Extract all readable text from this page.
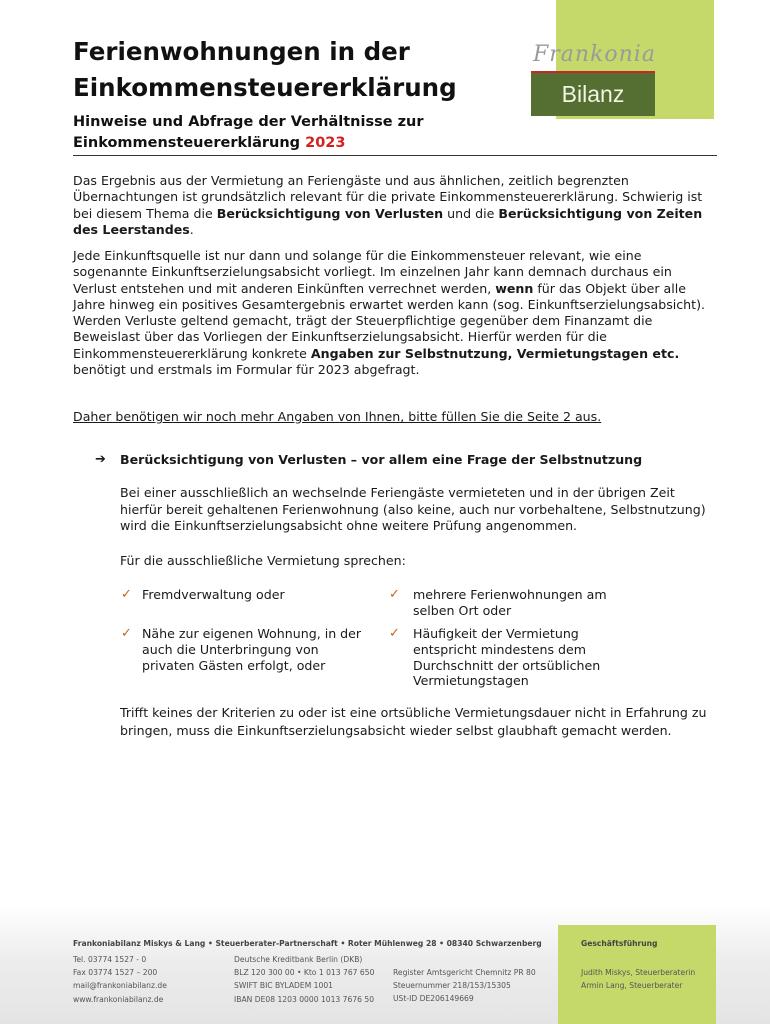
Frankonia
Bilanz
Ferienwohnungen in der
Einkommensteuererklärung
Hinweise und Abfrage der Verhältnisse zur
Einkommensteuererklärung 2023
Das Ergebnis aus der Vermietung an Feriengäste und aus ähnlichen, zeitlich begrenzten Übernachtungen ist grundsätzlich relevant für die private Einkommensteuererklärung. Schwierig ist bei diesem Thema die Berücksichtigung von Verlusten und die Berücksichtigung von Zeiten des Leerstandes.
Jede Einkunftsquelle ist nur dann und solange für die Einkommensteuer relevant, wie eine sogenannte Einkunftserzielungsabsicht vorliegt. Im einzelnen Jahr kann demnach durchaus ein Verlust entstehen und mit anderen Einkünften verrechnet werden, wenn für das Objekt über alle Jahre hinweg ein positives Gesamtergebnis erwartet werden kann (sog. Einkunftserzielungsabsicht). Werden Verluste geltend gemacht, trägt der Steuerpflichtige gegenüber dem Finanzamt die Beweislast über das Vorliegen der Einkunftserzielungsabsicht. Hierfür werden für die Einkommensteuererklärung konkrete Angaben zur Selbstnutzung, Vermietungstagen etc. benötigt und erstmals im Formular für 2023 abgefragt.
Daher benötigen wir noch mehr Angaben von Ihnen, bitte füllen Sie die Seite 2 aus.
➔ Berücksichtigung von Verlusten – vor allem eine Frage der Selbstnutzung
Bei einer ausschließlich an wechselnde Feriengäste vermieteten und in der übrigen Zeit hierfür bereit gehaltenen Ferienwohnung (also keine, auch nur vorbehaltene, Selbstnutzung) wird die Einkunftserzielungsabsicht ohne weitere Prüfung angenommen.
Für die ausschließliche Vermietung sprechen:
✓ Fremdverwaltung oder
✓ Nähe zur eigenen Wohnung, in der auch die Unterbringung von privaten Gästen erfolgt, oder
✓ mehrere Ferienwohnungen am selben Ort oder
✓ Häufigkeit der Vermietung entspricht mindestens dem Durchschnitt der ortsüblichen Vermietungstagen
Trifft keines der Kriterien zu oder ist eine ortsübliche Vermietungsdauer nicht in Erfahrung zu bringen, muss die Einkunftserzielungsabsicht wieder selbst glaubhaft gemacht werden.
Frankoniabilanz Miskys & Lang • Steuerberater-Partnerschaft • Roter Mühlenweg 28 • 08340 Schwarzenberg	Geschäftsführung
Tel. 03774 1527 - 0
Fax 03774 1527 – 200
mail@frankoniabilanz.de
www.frankoniabilanz.de
Deutsche Kreditbank Berlin (DKB)
BLZ 120 300 00 • Kto 1 013 767 650
SWIFT BIC BYLADEM 1001
IBAN DE08 1203 0000 1013 7676 50
Register Amtsgericht Chemnitz PR 80
Steuernummer 218/153/15305
USt-ID DE206149669
Judith Miskys, Steuerberaterin
Armin Lang, Steuerberater
